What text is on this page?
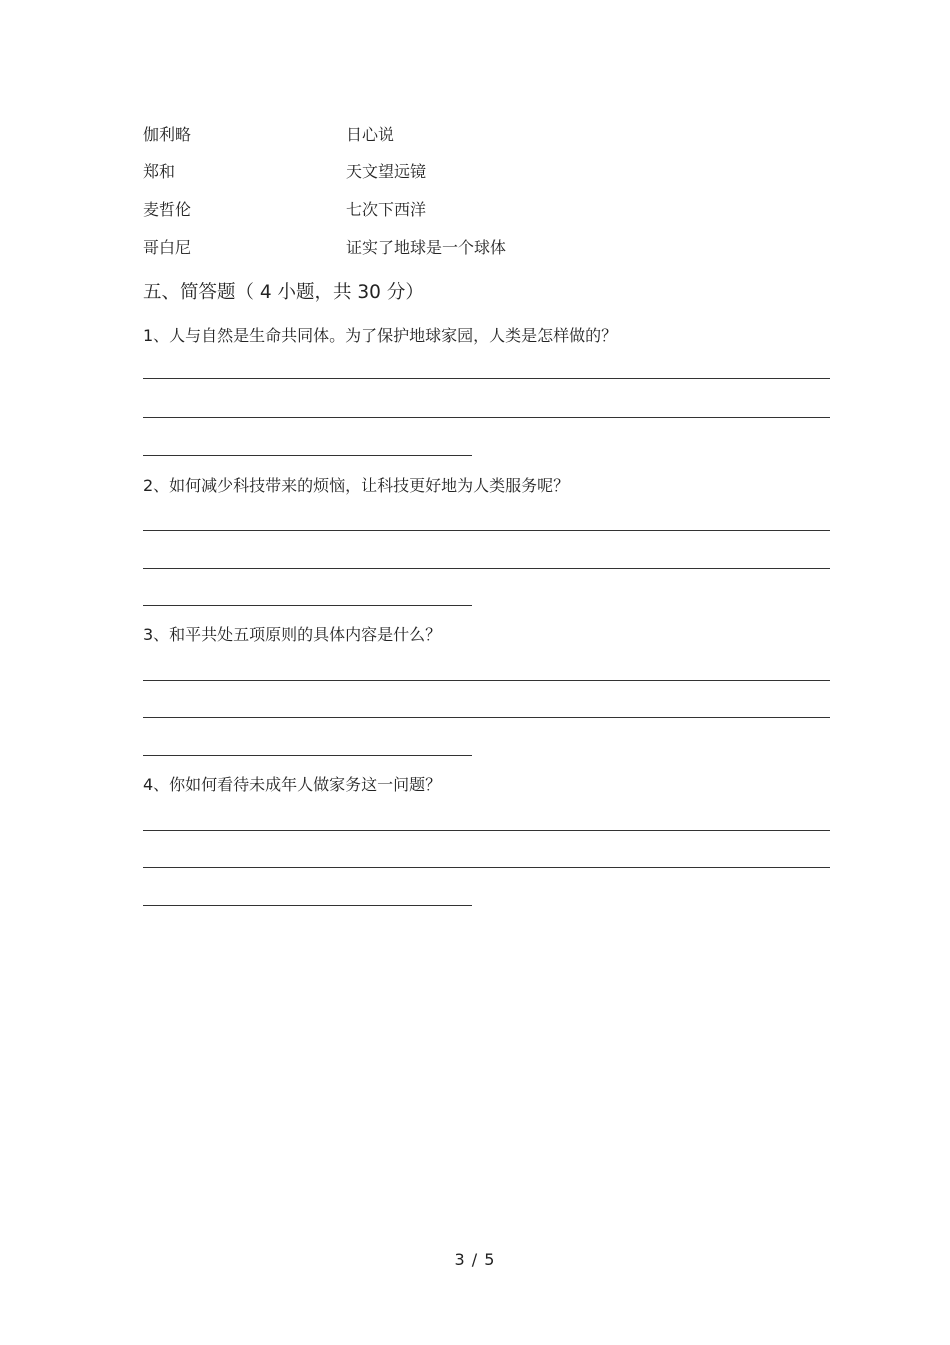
伽利略	日心说
郑和	天文望远镜
麦哲伦	七次下西洋
哥白尼	证实了地球是一个球体
五、简答题（ 4 小题，共 30 分）
1、人与自然是生命共同体。为了保护地球家园，人类是怎样做的？
2、如何减少科技带来的烦恼，让科技更好地为人类服务呢？
3、和平共处五项原则的具体内容是什么？
4、你如何看待未成年人做家务这一问题？
3 / 5
